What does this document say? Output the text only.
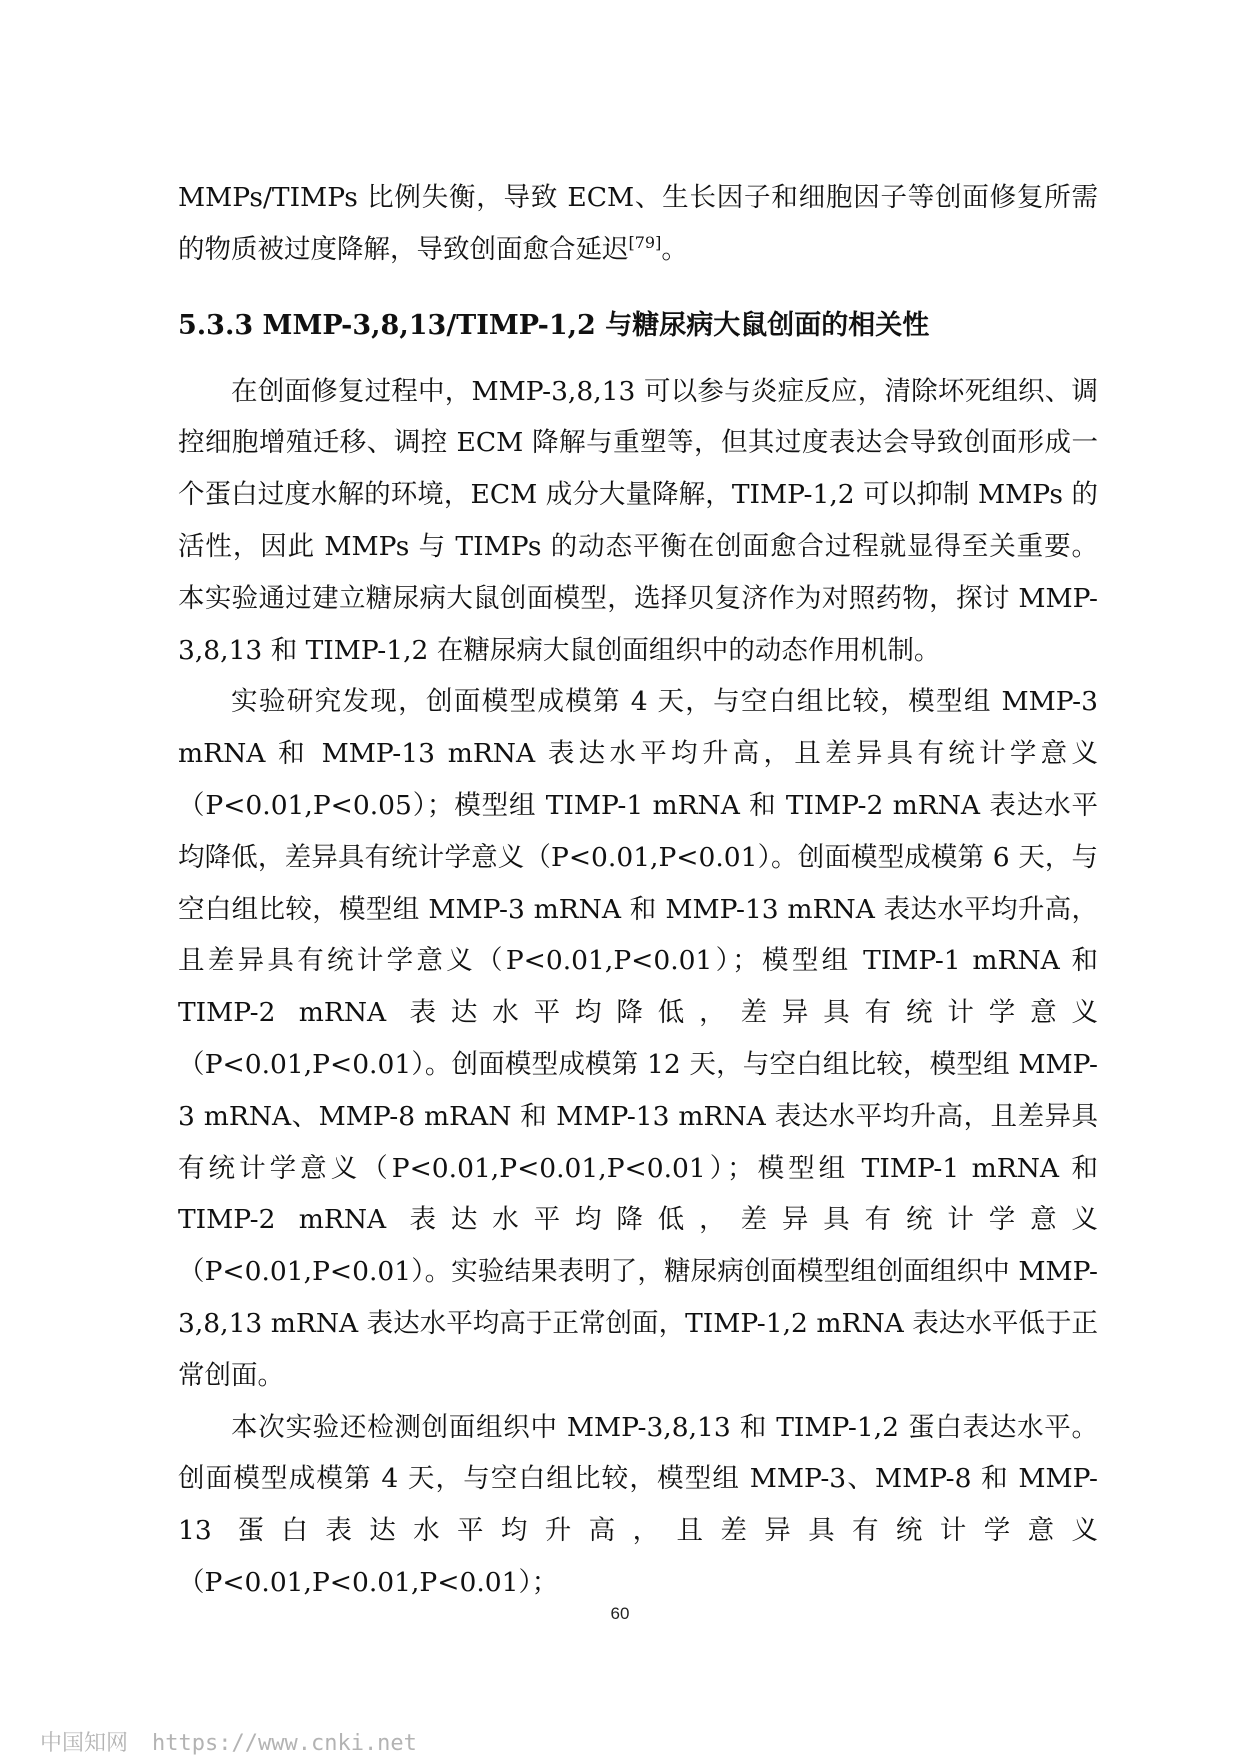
MMPs/TIMPs 比例失衡，导致 ECM、生长因子和细胞因子等创面修复所需的物质被过度降解，导致创面愈合延迟[79]。

5.3.3 MMP-3,8,13/TIMP-1,2 与糖尿病大鼠创面的相关性

在创面修复过程中，MMP-3,8,13 可以参与炎症反应，清除坏死组织、调控细胞增殖迁移、调控 ECM 降解与重塑等，但其过度表达会导致创面形成一个蛋白过度水解的环境，ECM 成分大量降解，TIMP-1,2 可以抑制 MMPs 的活性，因此 MMPs 与 TIMPs 的动态平衡在创面愈合过程就显得至关重要。本实验通过建立糖尿病大鼠创面模型，选择贝复济作为对照药物，探讨 MMP-3,8,13 和 TIMP-1,2 在糖尿病大鼠创面组织中的动态作用机制。

实验研究发现，创面模型成模第 4 天，与空白组比较，模型组 MMP-3 mRNA 和 MMP-13 mRNA 表达水平均升高，且差异具有统计学意义（P<0.01,P<0.05）；模型组 TIMP-1 mRNA 和 TIMP-2 mRNA 表达水平均降低，差异具有统计学意义（P<0.01,P<0.01）。创面模型成模第 6 天，与空白组比较，模型组 MMP-3 mRNA 和 MMP-13 mRNA 表达水平均升高，且差异具有统计学意义（P<0.01,P<0.01）；模型组 TIMP-1 mRNA 和 TIMP-2 mRNA 表达水平均降低，差异具有统计学意义（P<0.01,P<0.01）。创面模型成模第 12 天，与空白组比较，模型组 MMP-3 mRNA、MMP-8 mRAN 和 MMP-13 mRNA 表达水平均升高，且差异具有统计学意义（P<0.01,P<0.01,P<0.01）；模型组 TIMP-1 mRNA 和 TIMP-2 mRNA 表达水平均降低，差异具有统计学意义（P<0.01,P<0.01）。实验结果表明了，糖尿病创面模型组创面组织中 MMP-3,8,13 mRNA 表达水平均高于正常创面，TIMP-1,2 mRNA 表达水平低于正常创面。

本次实验还检测创面组织中 MMP-3,8,13 和 TIMP-1,2 蛋白表达水平。创面模型成模第 4 天，与空白组比较，模型组 MMP-3、MMP-8 和 MMP-13 蛋白表达水平均升高，且差异具有统计学意义（P<0.01,P<0.01,P<0.01）；

60
中国知网 https://www.cnki.net
